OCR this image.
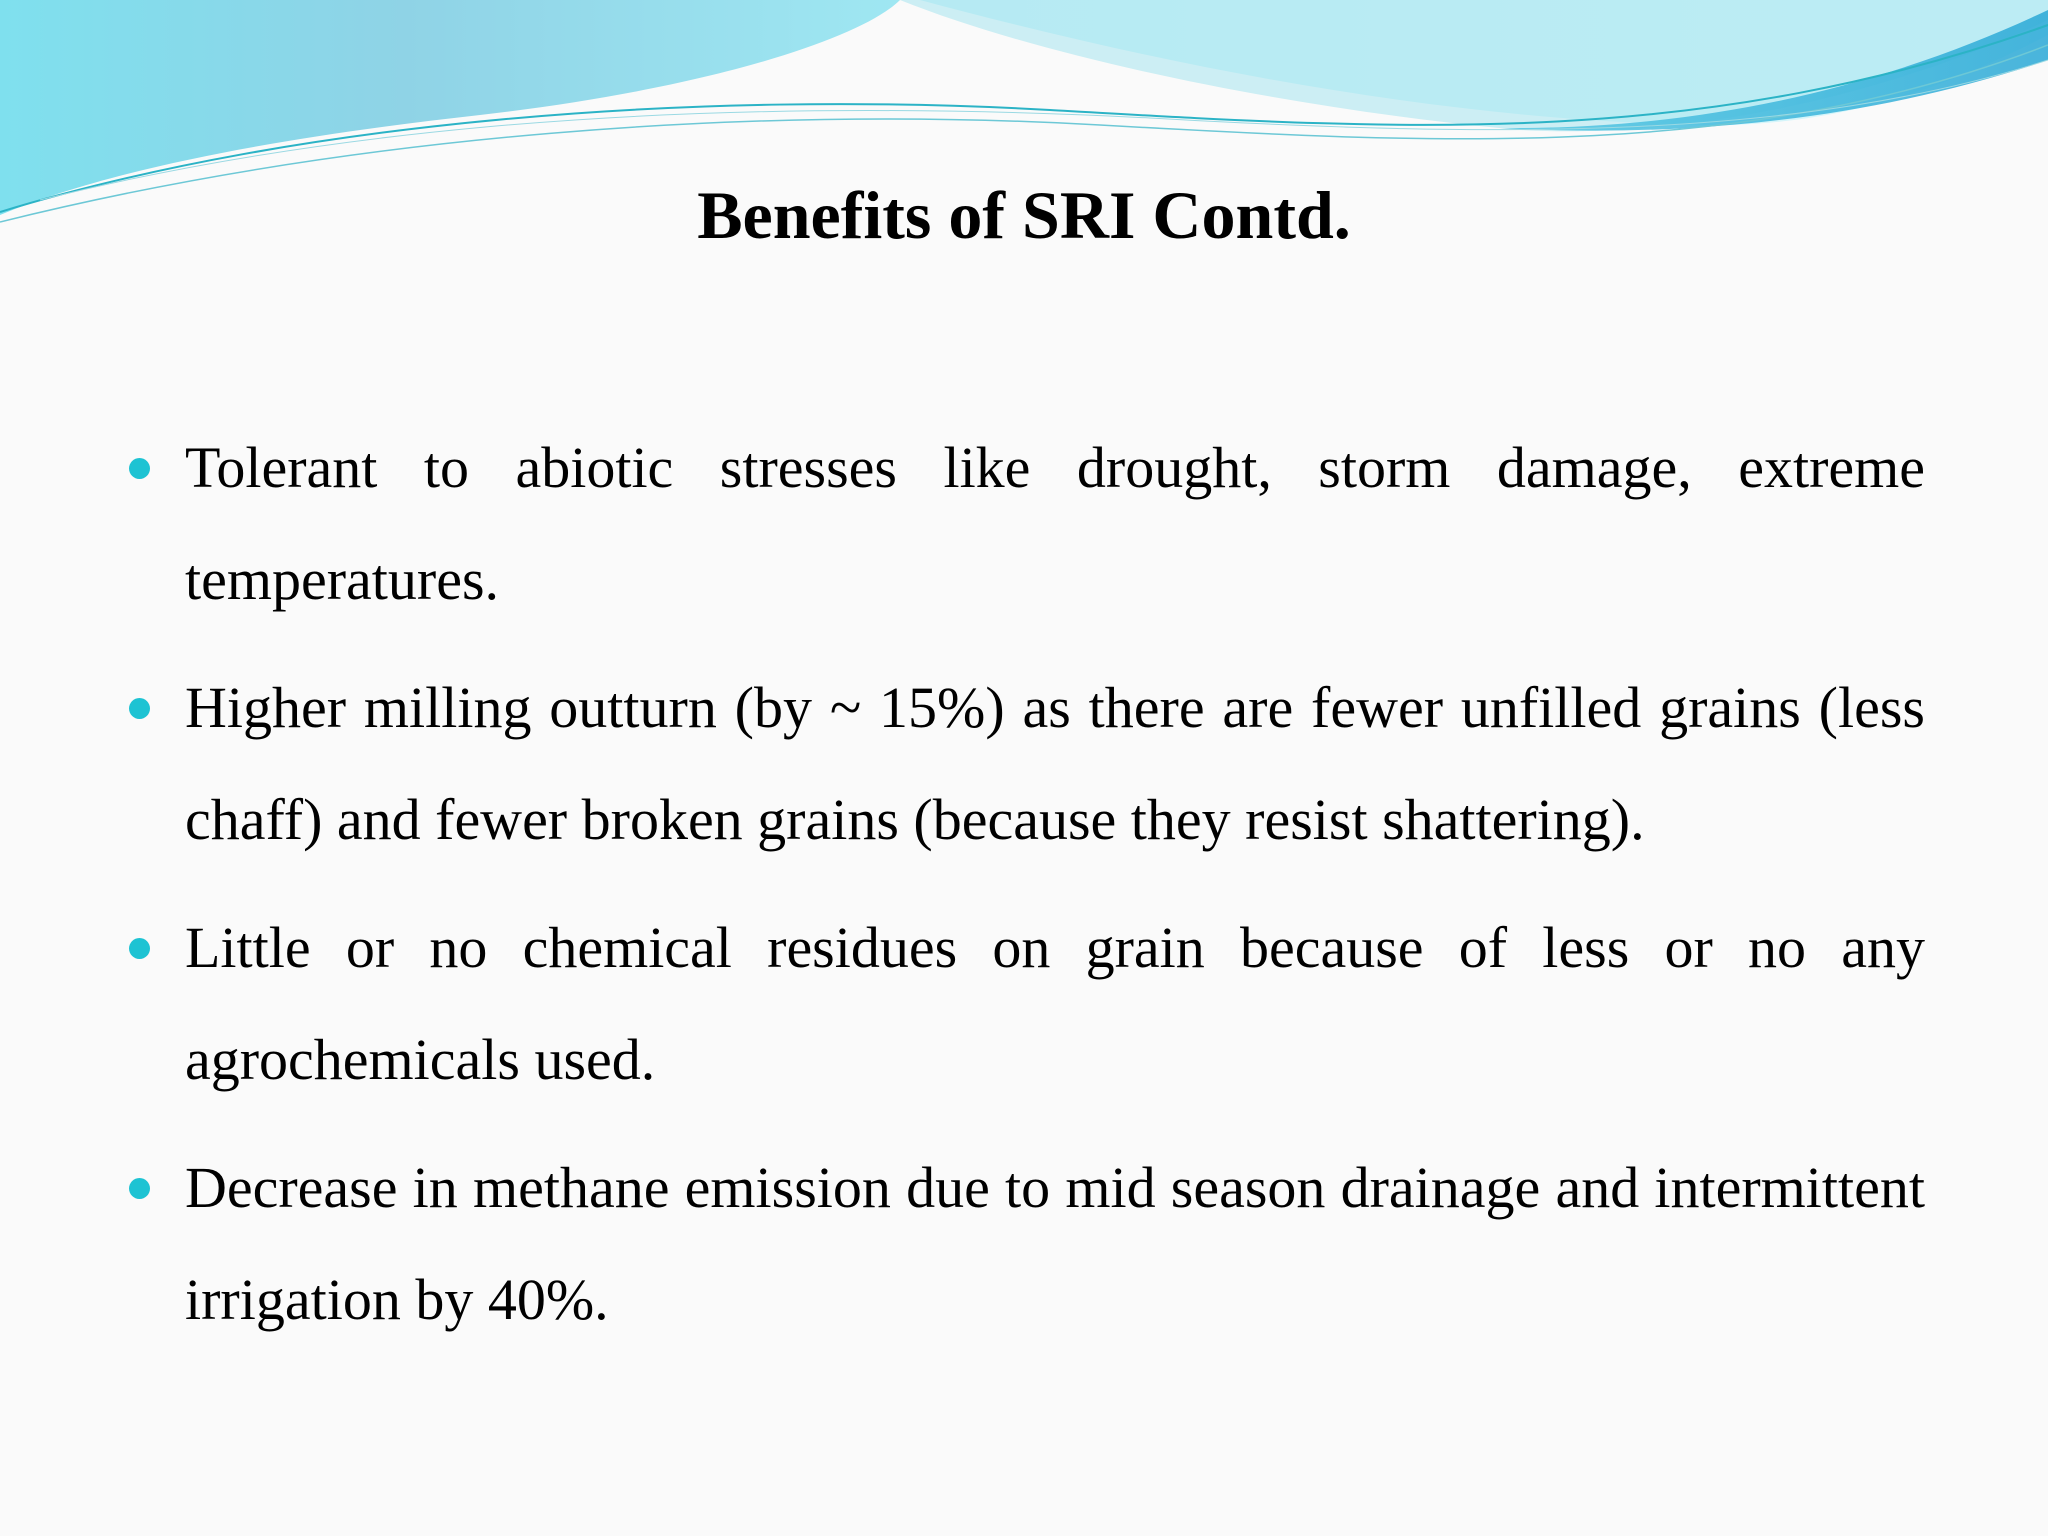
Benefits of SRI Contd.
Tolerant to abiotic stresses like drought, storm damage, extreme temperatures.
Higher milling outturn (by ~ 15%) as there are fewer unfilled grains (less chaff) and fewer broken grains (because they resist shattering).
Little or no chemical residues on grain because of less or no any agrochemicals used.
Decrease in methane emission due to mid season drainage and intermittent irrigation by 40%.
